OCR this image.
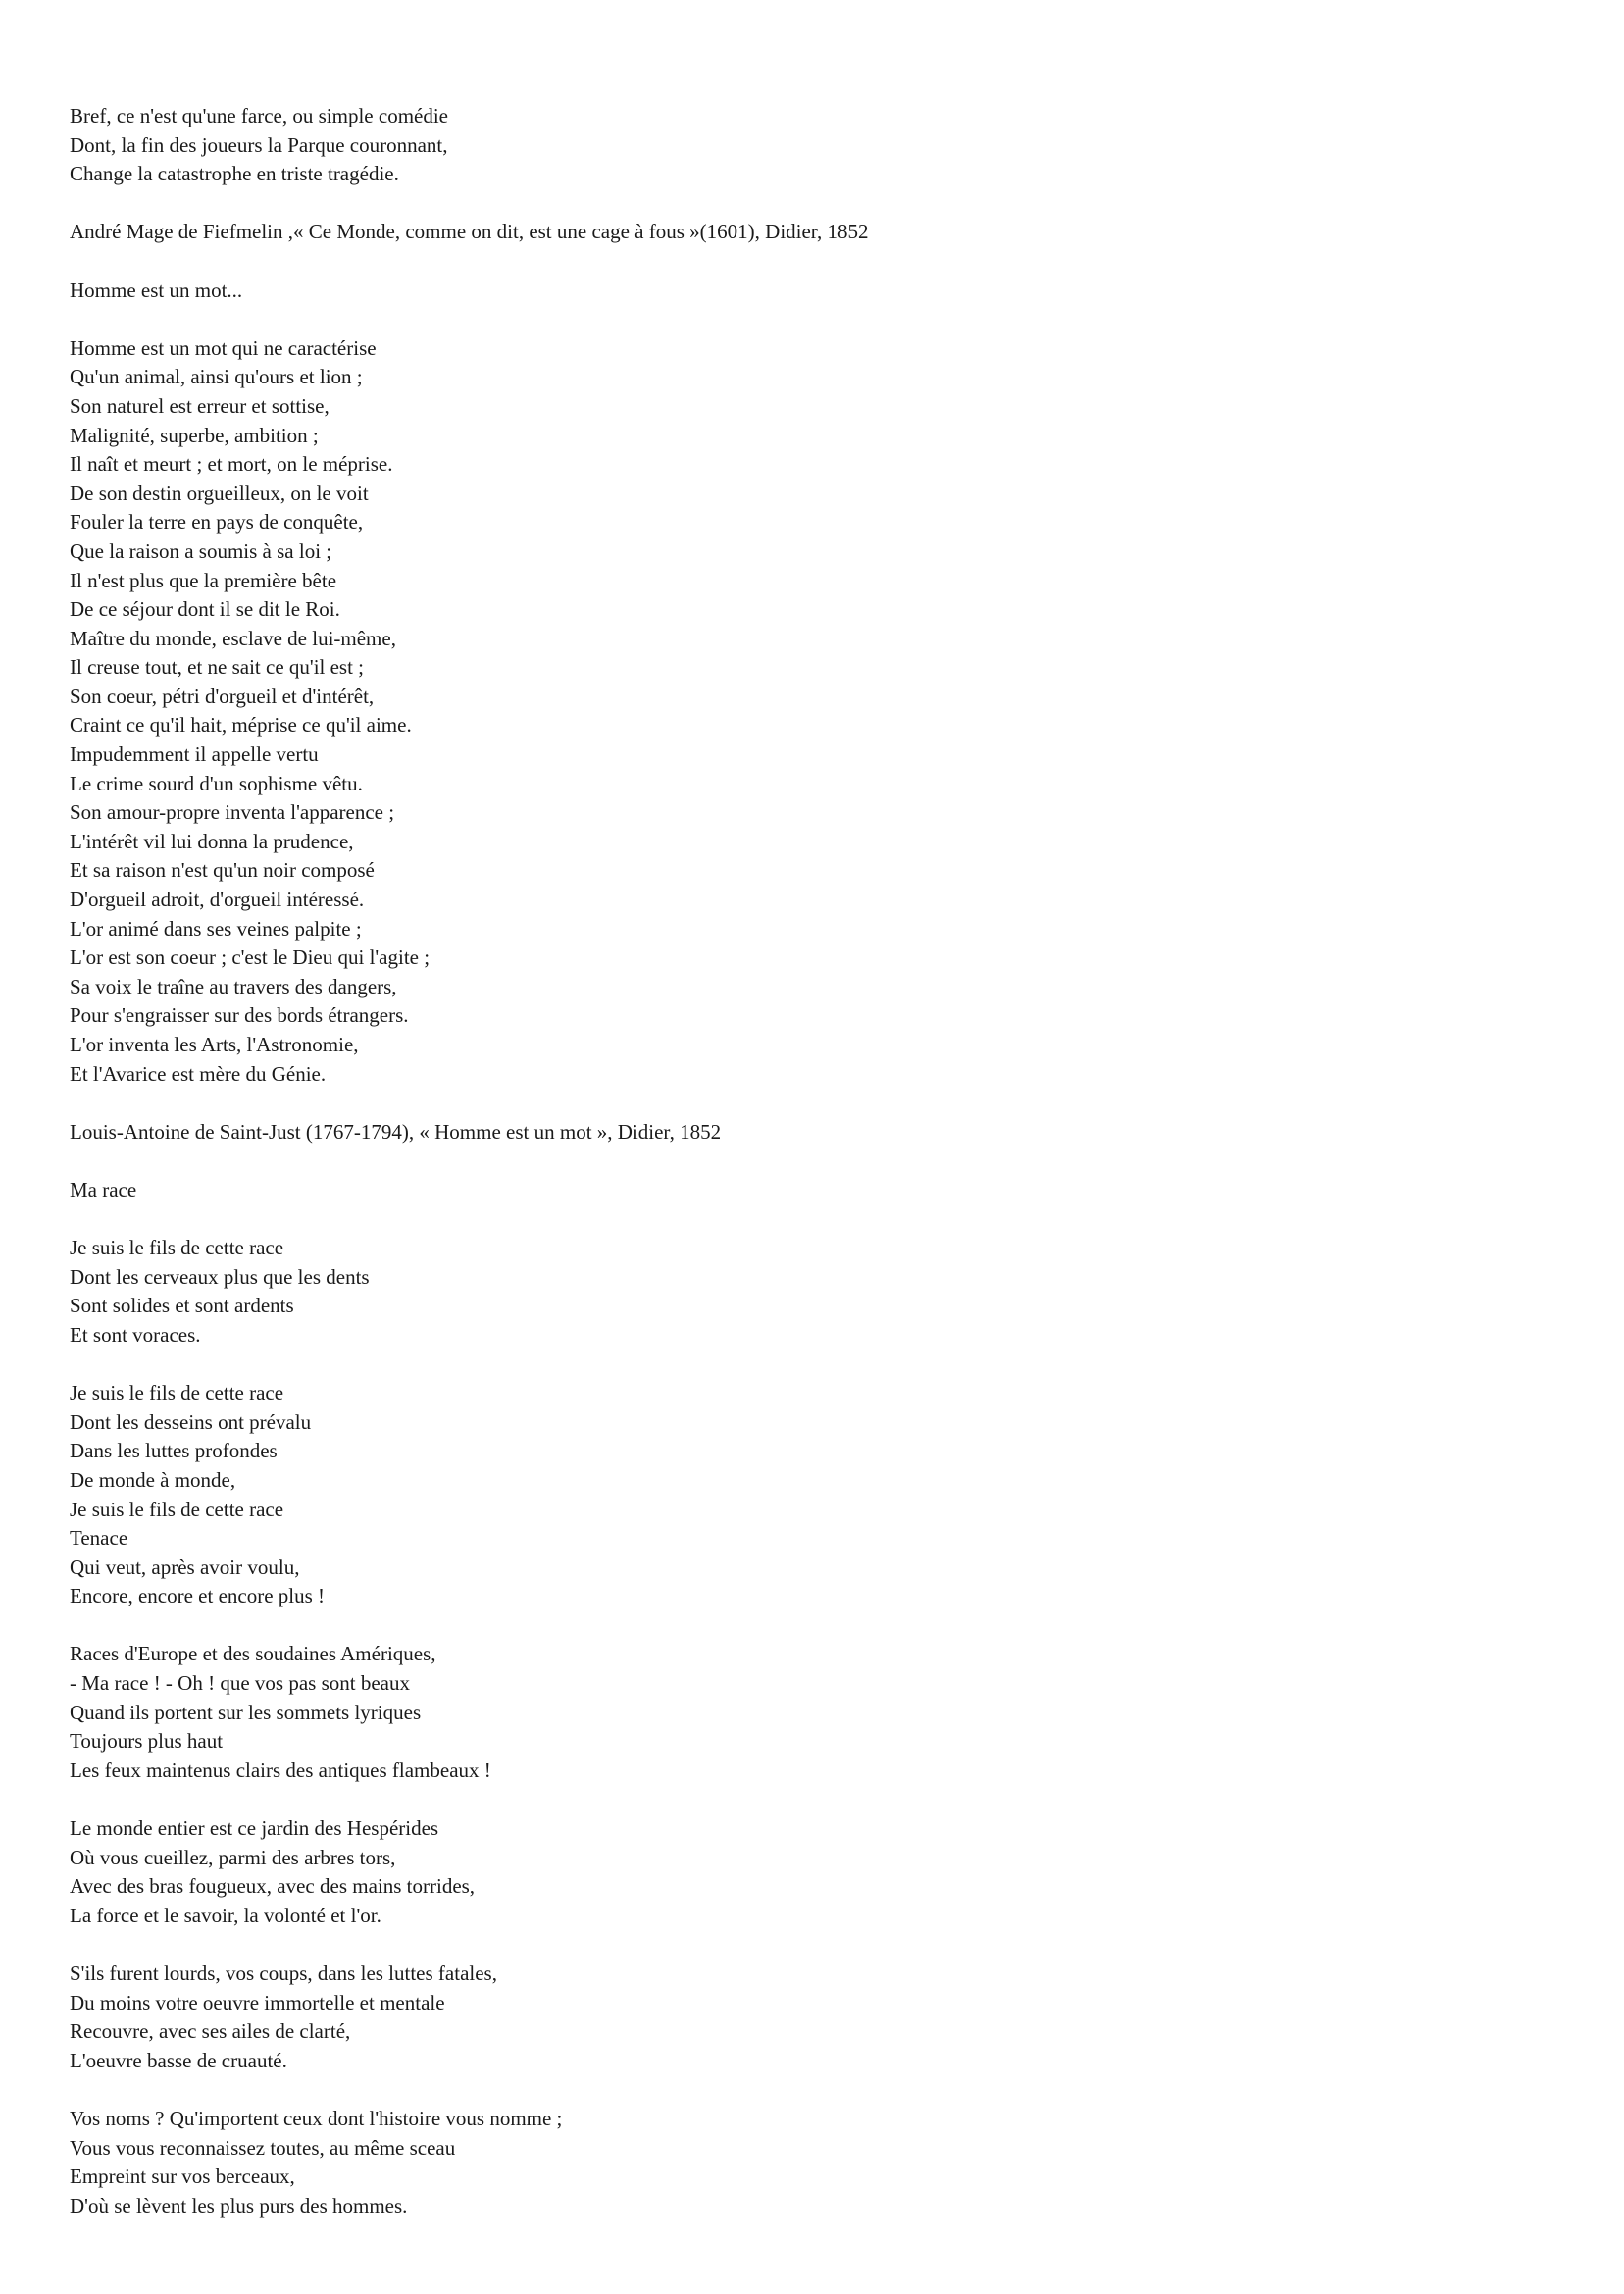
Bref, ce n'est qu'une farce, ou simple comédie
Dont, la fin des joueurs la Parque couronnant,
Change la catastrophe en triste tragédie.
André Mage de Fiefmelin ,« Ce Monde, comme on dit, est une cage à fous »(1601), Didier, 1852
Homme est un mot...
Homme est un mot qui ne caractérise
Qu'un animal, ainsi qu'ours et lion ;
Son naturel est erreur et sottise,
Malignité, superbe, ambition ;
Il naît et meurt ; et mort, on le méprise.
De son destin orgueilleux, on le voit
Fouler la terre en pays de conquête,
Que la raison a soumis à sa loi ;
Il n'est plus que la première bête
De ce séjour dont il se dit le Roi.
Maître du monde, esclave de lui-même,
Il creuse tout, et ne sait ce qu'il est ;
Son coeur, pétri d'orgueil et d'intérêt,
Craint ce qu'il hait, méprise ce qu'il aime.
Impudemment il appelle vertu
Le crime sourd d'un sophisme vêtu.
Son amour-propre inventa l'apparence ;
L'intérêt vil lui donna la prudence,
Et sa raison n'est qu'un noir composé
D'orgueil adroit, d'orgueil intéressé.
L'or animé dans ses veines palpite ;
L'or est son coeur ; c'est le Dieu qui l'agite ;
Sa voix le traîne au travers des dangers,
Pour s'engraisser sur des bords étrangers.
L'or inventa les Arts, l'Astronomie,
Et l'Avarice est mère du Génie.
Louis-Antoine de Saint-Just (1767-1794), « Homme est un mot », Didier, 1852
Ma race
Je suis le fils de cette race
Dont les cerveaux plus que les dents
Sont solides et sont ardents
Et sont voraces.
Je suis le fils de cette race
Dont les desseins ont prévalu
Dans les luttes profondes
De monde à monde,
Je suis le fils de cette race
Tenace
Qui veut, après avoir voulu,
Encore, encore et encore plus !
Races d'Europe et des soudaines Amériques,
- Ma race ! - Oh ! que vos pas sont beaux
Quand ils portent sur les sommets lyriques
Toujours plus haut
Les feux maintenus clairs des antiques flambeaux !
Le monde entier est ce jardin des Hespérides
Où vous cueillez, parmi des arbres tors,
Avec des bras fougueux, avec des mains torrides,
La force et le savoir, la volonté et l'or.
S'ils furent lourds, vos coups, dans les luttes fatales,
Du moins votre oeuvre immortelle et mentale
Recouvre, avec ses ailes de clarté,
L'oeuvre basse de cruauté.
Vos noms ? Qu'importent ceux dont l'histoire vous nomme ;
Vous vous reconnaissez toutes, au même sceau
Empreint sur vos berceaux,
D'où se lèvent les plus purs des hommes.
